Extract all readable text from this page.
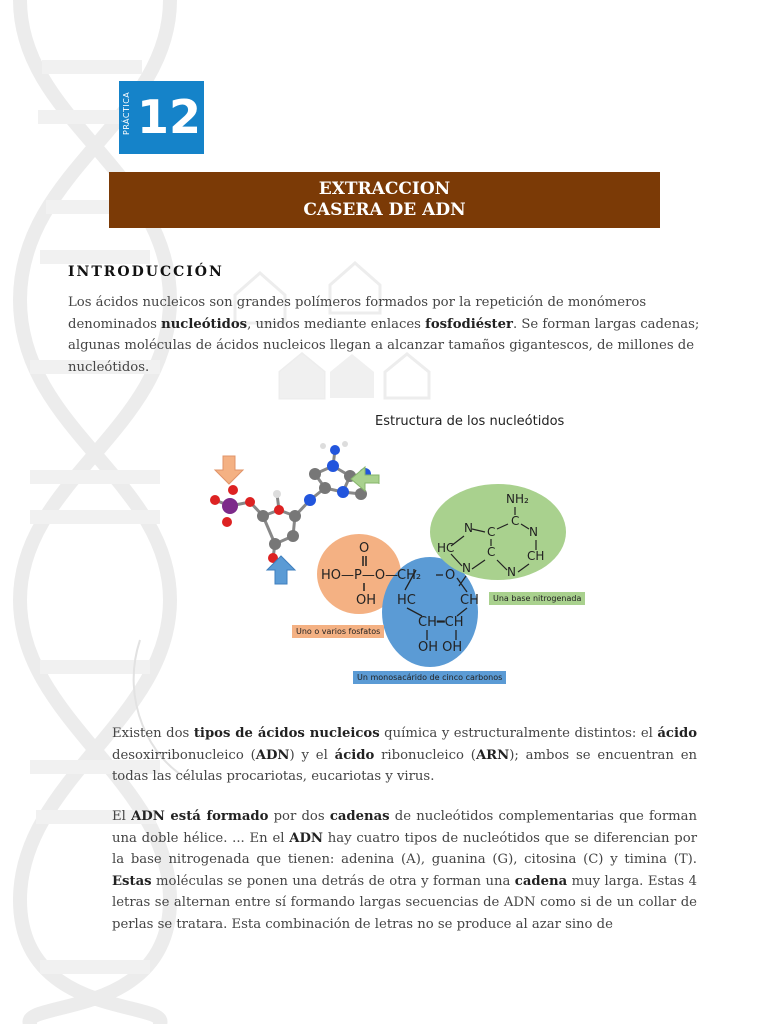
PRÁCTICA 12
EXTRACCION
CASERA DE ADN
INTRODUCCIÓN
Los ácidos nucleicos son grandes polímeros formados por la repetición de monómeros denominados nucleótidos, unidos mediante enlaces fosfodiéster. Se forman largas cadenas; algunas moléculas de ácidos nucleicos llegan a alcanzar tamaños gigantescos, de millones de nucleótidos.
O
HO—P—O—
OH
CH₂ O
HC	CH
CH━CH
OH OH
NH₂
C
N C	N
HC	C	CH
N	N
Estructura de los nucleótidos
Uno o varios fosfatos
Un monosacárido de cinco carbonos
Una base nitrogenada
Existen dos tipos de ácidos nucleicos química y estructuralmente distintos: el ácido desoxirribonucleico (ADN) y el ácido ribonucleico (ARN); ambos se encuentran en todas las células procariotas, eucariotas y virus.
El ADN está formado por dos cadenas de nucleótidos complementarias que forman una doble hélice. ... En el ADN hay cuatro tipos de nucleótidos que se diferencian por la base nitrogenada que tienen: adenina (A), guanina (G), citosina (C) y timina (T). Estas moléculas se ponen una detrás de otra y forman una cadena muy larga. Estas 4 letras se alternan entre sí formando largas secuencias de ADN como si de un collar de perlas se tratara. Esta combinación de letras no se produce al azar sino de
